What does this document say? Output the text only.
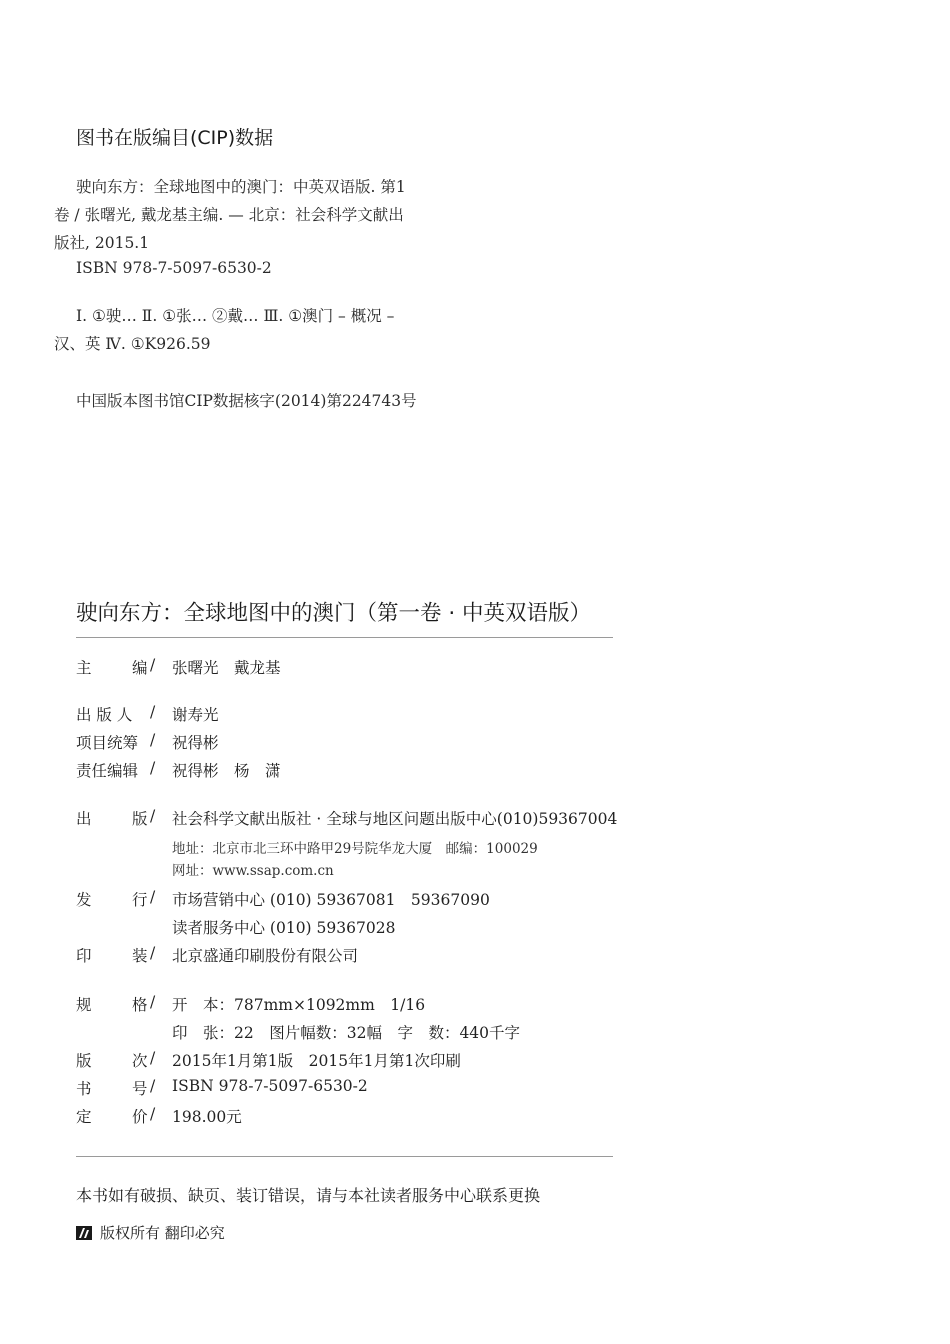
图书在版编目(CIP)数据
驶向东方：全球地图中的澳门：中英双语版. 第1
卷 / 张曙光, 戴龙基主编. — 北京：社会科学文献出
版社, 2015.1
ISBN 978-7-5097-6530-2
Ⅰ. ①驶… Ⅱ. ①张… ②戴… Ⅲ. ①澳门 – 概况 –
汉、英 Ⅳ. ①K926.59
中国版本图书馆CIP数据核字(2014)第224743号
驶向东方：全球地图中的澳门（第一卷 · 中英双语版）
主	编 / 张曙光　戴龙基
出 版 人 / 谢寿光
项目统筹 / 祝得彬
责任编辑 / 祝得彬　杨　潇
出	版 / 社会科学文献出版社 · 全球与地区问题出版中心(010)59367004
地址：北京市北三环中路甲29号院华龙大厦　邮编：100029
网址：www.ssap.com.cn
发	行 / 市场营销中心 (010) 59367081　59367090
读者服务中心 (010) 59367028
印	装 / 北京盛通印刷股份有限公司
规	格 / 开　本：787mm×1092mm　1/16
印　张：22　图片幅数：32幅　字　数：440千字
版	次 / 2015年1月第1版　2015年1月第1次印刷
书	号 / ISBN 978-7-5097-6530-2
定	价 / 198.00元
本书如有破损、缺页、装订错误，请与本社读者服务中心联系更换
版权所有 翻印必究
